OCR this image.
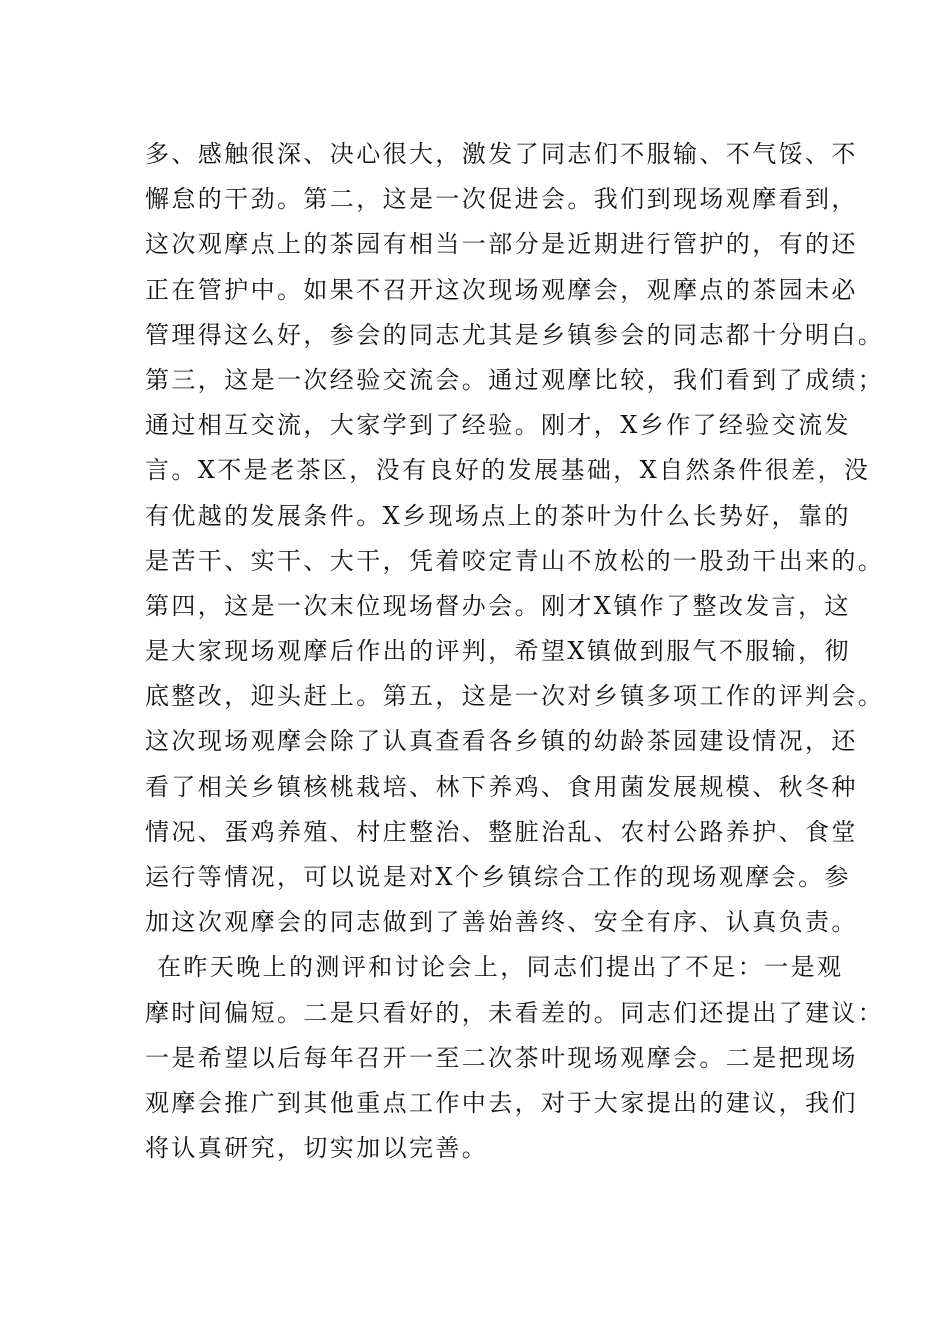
多、感触很深、决心很大，激发了同志们不服输、不气馁、不
懈怠的干劲。第二，这是一次促进会。我们到现场观摩看到，
这次观摩点上的茶园有相当一部分是近期进行管护的，有的还
正在管护中。如果不召开这次现场观摩会，观摩点的茶园未必
管理得这么好，参会的同志尤其是乡镇参会的同志都十分明白。
第三，这是一次经验交流会。通过观摩比较，我们看到了成绩；
通过相互交流，大家学到了经验。刚才，X乡作了经验交流发
言。X不是老茶区，没有良好的发展基础，X自然条件很差，没
有优越的发展条件。X乡现场点上的茶叶为什么长势好，靠的
是苦干、实干、大干，凭着咬定青山不放松的一股劲干出来的。
第四，这是一次末位现场督办会。刚才X镇作了整改发言，这
是大家现场观摩后作出的评判，希望X镇做到服气不服输，彻
底整改，迎头赶上。第五，这是一次对乡镇多项工作的评判会。
这次现场观摩会除了认真查看各乡镇的幼龄茶园建设情况，还
看了相关乡镇核桃栽培、林下养鸡、食用菌发展规模、秋冬种
情况、蛋鸡养殖、村庄整治、整脏治乱、农村公路养护、食堂
运行等情况，可以说是对X个乡镇综合工作的现场观摩会。参
加这次观摩会的同志做到了善始善终、安全有序、认真负责。
在昨天晚上的测评和讨论会上，同志们提出了不足：一是观
摩时间偏短。二是只看好的，未看差的。同志们还提出了建议：
一是希望以后每年召开一至二次茶叶现场观摩会。二是把现场
观摩会推广到其他重点工作中去，对于大家提出的建议，我们
将认真研究，切实加以完善。
